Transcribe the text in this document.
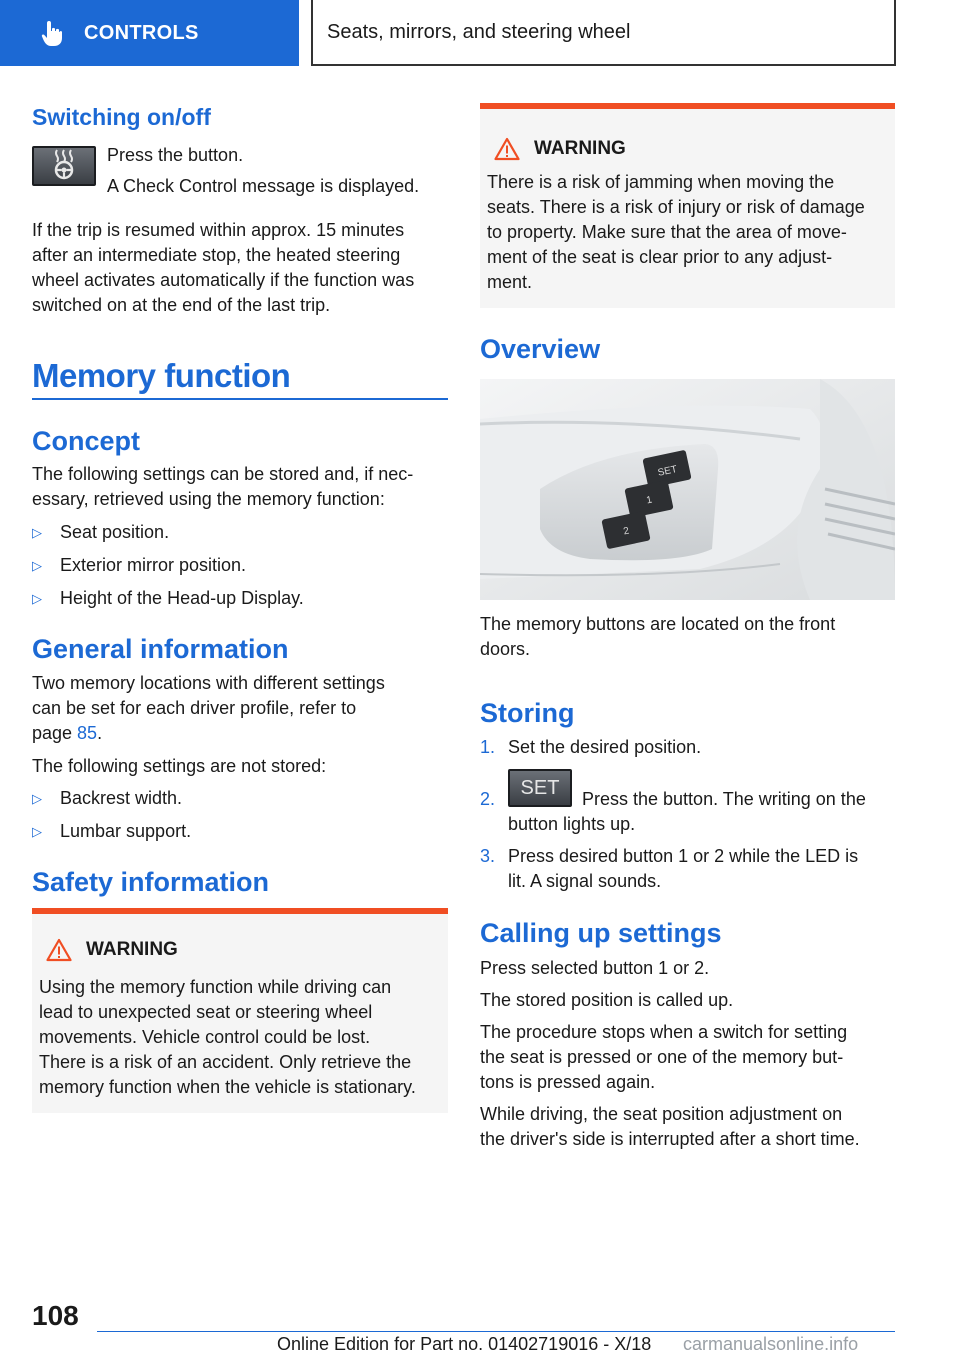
CONTROLS	Seats, mirrors, and steering wheel
Switching on/off
Press the button.
A Check Control message is displayed.
If the trip is resumed within approx. 15 minutes
after an intermediate stop, the heated steering
wheel activates automatically if the function was
switched on at the end of the last trip.
Memory function
Concept
The following settings can be stored and, if nec‐
essary, retrieved using the memory function:
▷	Seat position.
▷	Exterior mirror position.
▷	Height of the Head-up Display.
General information
Two memory locations with different settings
can be set for each driver profile, refer to
page 85.
The following settings are not stored:
▷	Backrest width.
▷	Lumbar support.
Safety information
WARNING
Using the memory function while driving can
lead to unexpected seat or steering wheel
movements. Vehicle control could be lost.
There is a risk of an accident. Only retrieve the
memory function when the vehicle is stationary.
WARNING
There is a risk of jamming when moving the
seats. There is a risk of injury or risk of damage
to property. Make sure that the area of move‐
ment of the seat is clear prior to any adjust‐
ment.
Overview
SET
1
2
The memory buttons are located on the front
doors.
Storing
1. Set the desired position.
2.
SET
Press the button. The writing on the
button lights up.
3. Press desired button 1 or 2 while the LED is
lit. A signal sounds.
Calling up settings
Press selected button 1 or 2.
The stored position is called up.
The procedure stops when a switch for setting
the seat is pressed or one of the memory but‐
tons is pressed again.
While driving, the seat position adjustment on
the driver's side is interrupted after a short time.
108
Online Edition for Part no. 01402719016 - X/18 carmanualsonline.info
